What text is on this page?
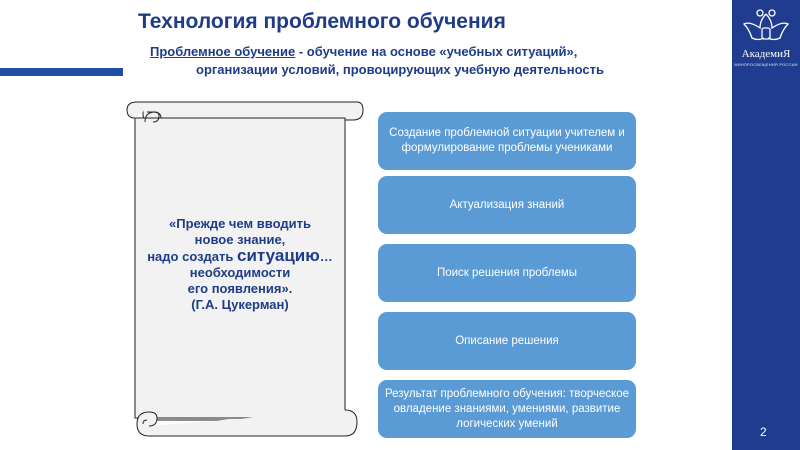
Технология проблемного обучения
Проблемное обучение - обучение на основе «учебных ситуаций»,
организации условий, провоцирующих учебную деятельность
АкадемиЯ
МИНПРОСВЕЩЕНИЯ РОССИИ
2
«Прежде чем вводить
новое знание,
надо создать ситуацию…
необходимости
его появления».
(Г.А. Цукерман)
Создание проблемной ситуации учителем и формулирование проблемы учениками
Актуализация знаний
Поиск решения проблемы
Описание решения
Результат проблемного обучения: творческое овладение знаниями, умениями, развитие логических умений
